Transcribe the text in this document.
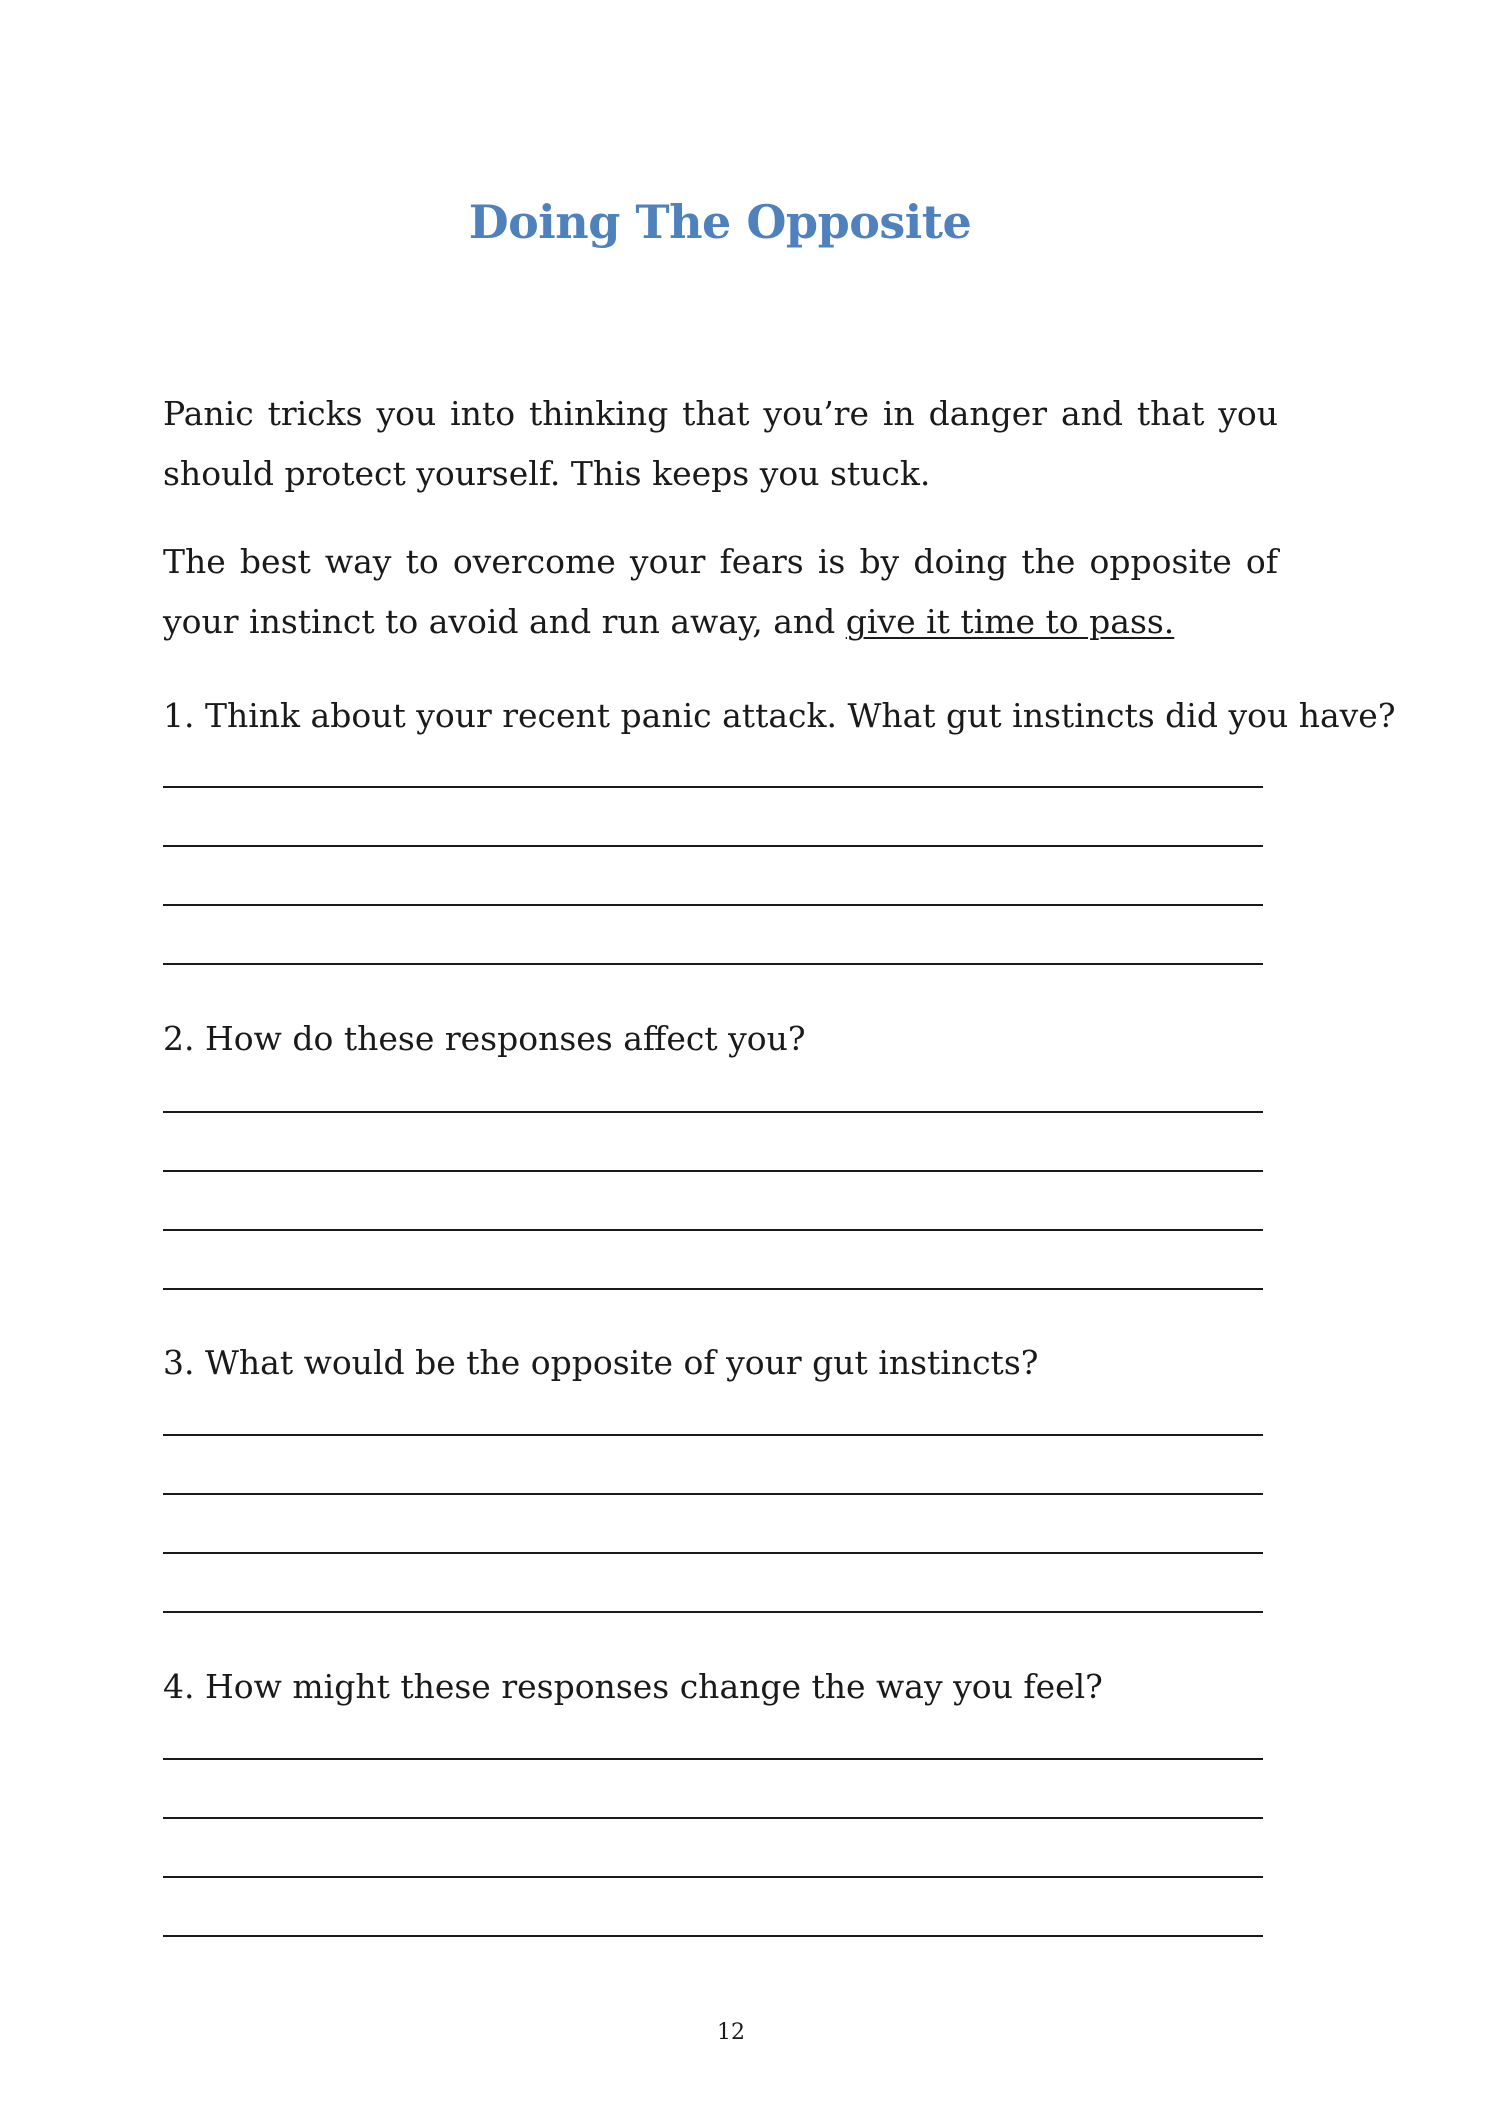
Doing The Opposite

Panic tricks you into thinking that you’re in danger and that you should protect yourself. This keeps you stuck.

The best way to overcome your fears is by doing the opposite of your instinct to avoid and run away, and give it time to pass.

1. Think about your recent panic attack. What gut instincts did you have?

2. How do these responses affect you?

3. What would be the opposite of your gut instincts?

4. How might these responses change the way you feel?

12
